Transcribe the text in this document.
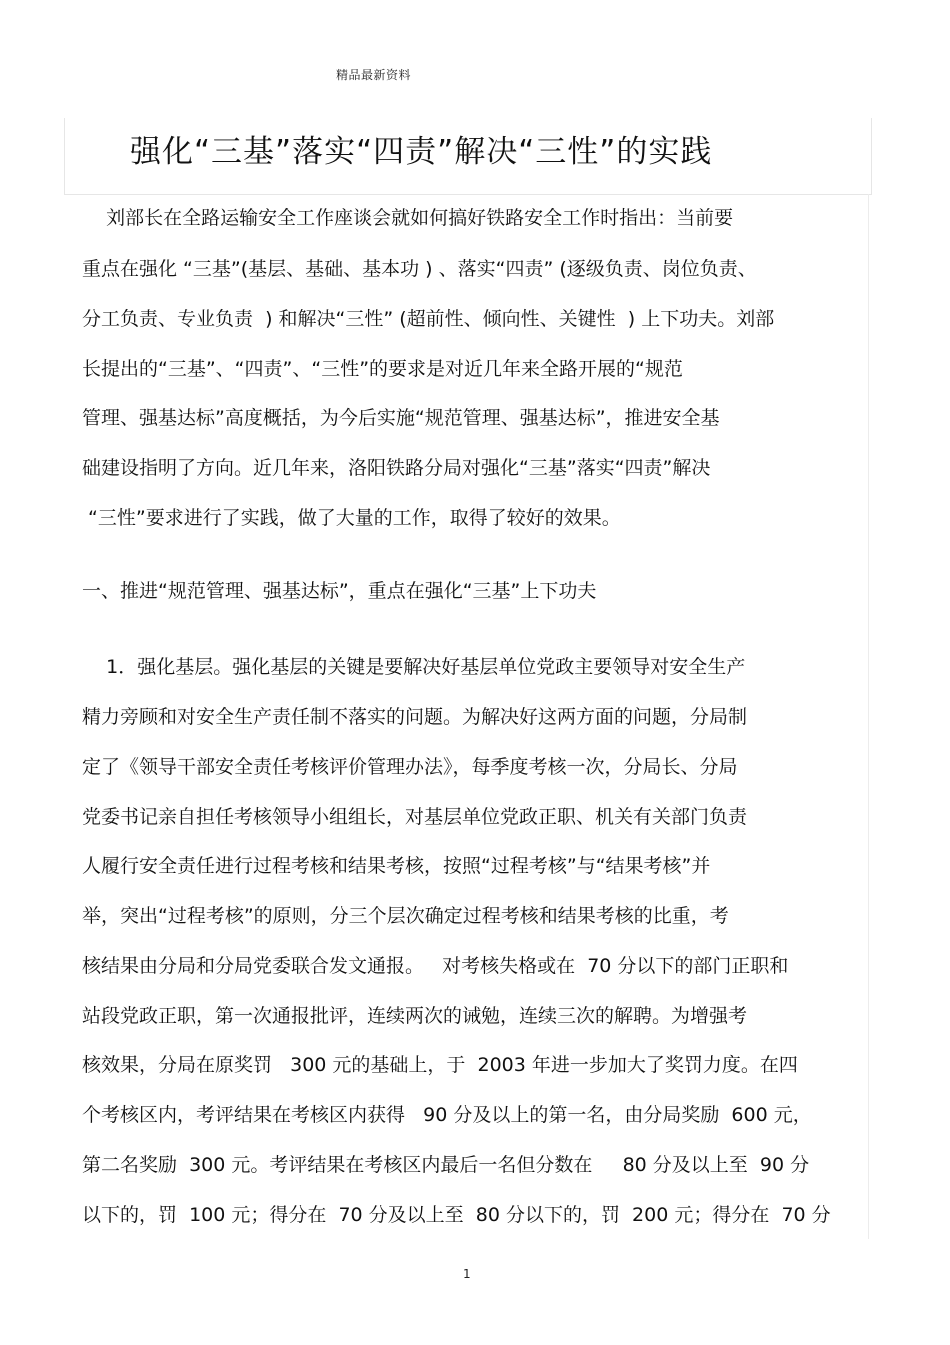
精品最新资料
强化“三基”落实“四责”解决“三性”的实践
刘部长在全路运输安全工作座谈会就如何搞好铁路安全工作时指出：当前要
重点在强化 “三基”(基层、基础、基本功 ) 、落实“四责” (逐级负责、岗位负责、
分工负责、专业负责  ) 和解决“三性” (超前性、倾向性、关键性  ) 上下功夫。刘部
长提出的“三基”、“四责”、“三性”的要求是对近几年来全路开展的“规范
管理、强基达标”高度概括，为今后实施“规范管理、强基达标”，推进安全基
础建设指明了方向。近几年来，洛阳铁路分局对强化“三基”落实“四责”解决
“三性”要求进行了实践，做了大量的工作，取得了较好的效果。
一、推进“规范管理、强基达标”，重点在强化“三基”上下功夫
1．强化基层。强化基层的关键是要解决好基层单位党政主要领导对安全生产
精力旁顾和对安全生产责任制不落实的问题。为解决好这两方面的问题，分局制
定了《领导干部安全责任考核评价管理办法》，每季度考核一次，分局长、分局
党委书记亲自担任考核领导小组组长，对基层单位党政正职、机关有关部门负责
人履行安全责任进行过程考核和结果考核，按照“过程考核”与“结果考核”并
举，突出“过程考核”的原则，分三个层次确定过程考核和结果考核的比重，考
核结果由分局和分局党委联合发文通报。   对考核失格或在  70 分以下的部门正职和
站段党政正职，第一次通报批评，连续两次的诫勉，连续三次的解聘。为增强考
核效果，分局在原奖罚   300 元的基础上，于  2003 年进一步加大了奖罚力度。在四
个考核区内，考评结果在考核区内获得   90 分及以上的第一名，由分局奖励  600 元，
第二名奖励  300 元。考评结果在考核区内最后一名但分数在     80 分及以上至  90 分
以下的，罚  100 元；得分在  70 分及以上至  80 分以下的，罚  200 元；得分在  70 分
1
